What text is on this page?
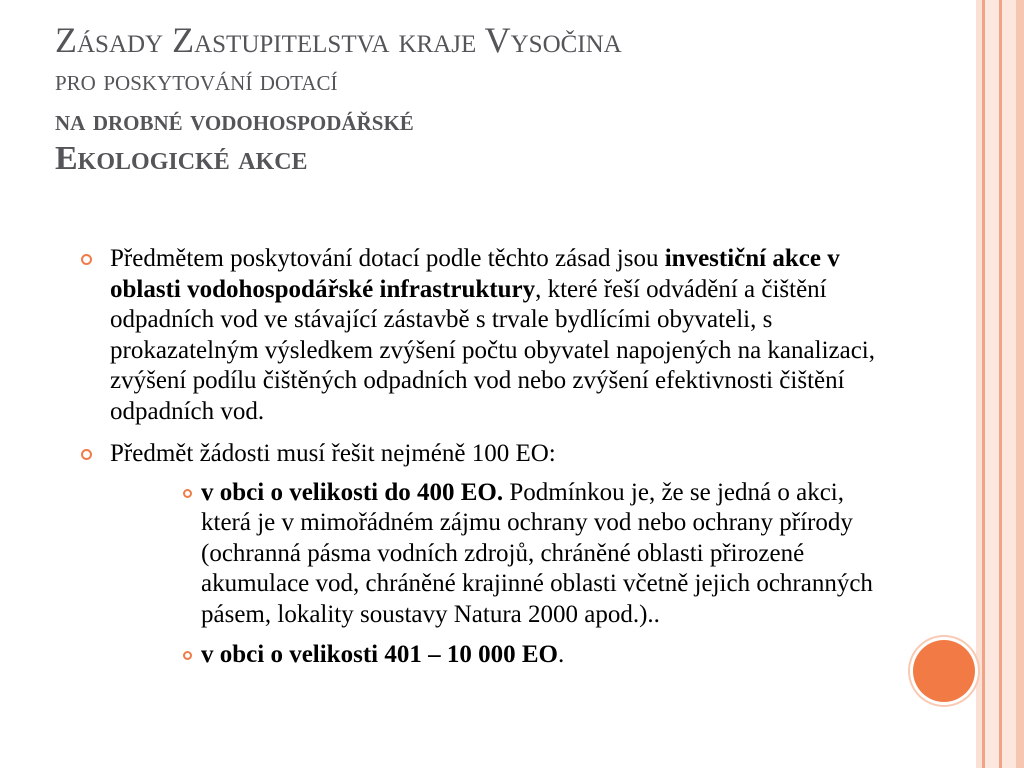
Zásady Zastupitelstva kraje Vysočina
pro poskytování dotací
na drobné vodohospodářské
Ekologické akce
Předmětem poskytování dotací podle těchto zásad jsou investiční akce v oblasti vodohospodářské infrastruktury, které řeší odvádění a čištění odpadních vod ve stávající zástavbě s trvale bydlícími obyvateli, s prokazatelným výsledkem zvýšení počtu obyvatel napojených na kanalizaci, zvýšení podílu čištěných odpadních vod nebo zvýšení efektivnosti čištění odpadních vod.
Předmět žádosti musí řešit nejméně 100 EO:
v obci o velikosti do 400 EO. Podmínkou je, že se jedná o akci, která je v mimořádném zájmu ochrany vod nebo ochrany přírody (ochranná pásma vodních zdrojů, chráněné oblasti přirozené akumulace vod, chráněné krajinné oblasti včetně jejich ochranných pásem, lokality soustavy Natura 2000 apod.)..
v obci o velikosti 401 – 10 000 EO.
